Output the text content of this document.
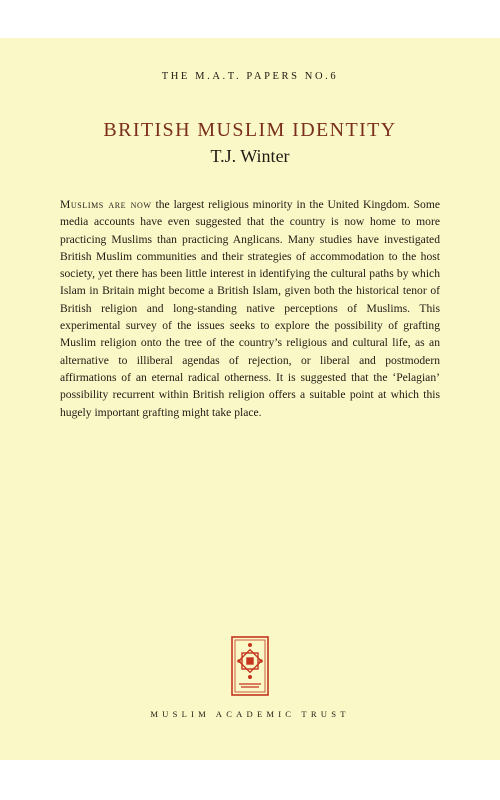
THE M.A.T. PAPERS NO.6
BRITISH MUSLIM IDENTITY
T.J. Winter

Muslims are now the largest religious minority in the United Kingdom. Some media accounts have even suggested that the country is now home to more practicing Muslims than practicing Anglicans. Many studies have investigated British Muslim communities and their strategies of accommodation to the host society, yet there has been little interest in identifying the cultural paths by which Islam in Britain might become a British Islam, given both the historical tenor of British religion and long-standing native perceptions of Muslims. This experimental survey of the issues seeks to explore the possibility of grafting Muslim religion onto the tree of the country’s religious and cultural life, as an alternative to illiberal agendas of rejection, or liberal and postmodern affirmations of an eternal radical otherness. It is suggested that the ‘Pelagian’ possibility recurrent within British religion offers a suitable point at which this hugely important grafting might take place.

MUSLIM ACADEMIC TRUST
